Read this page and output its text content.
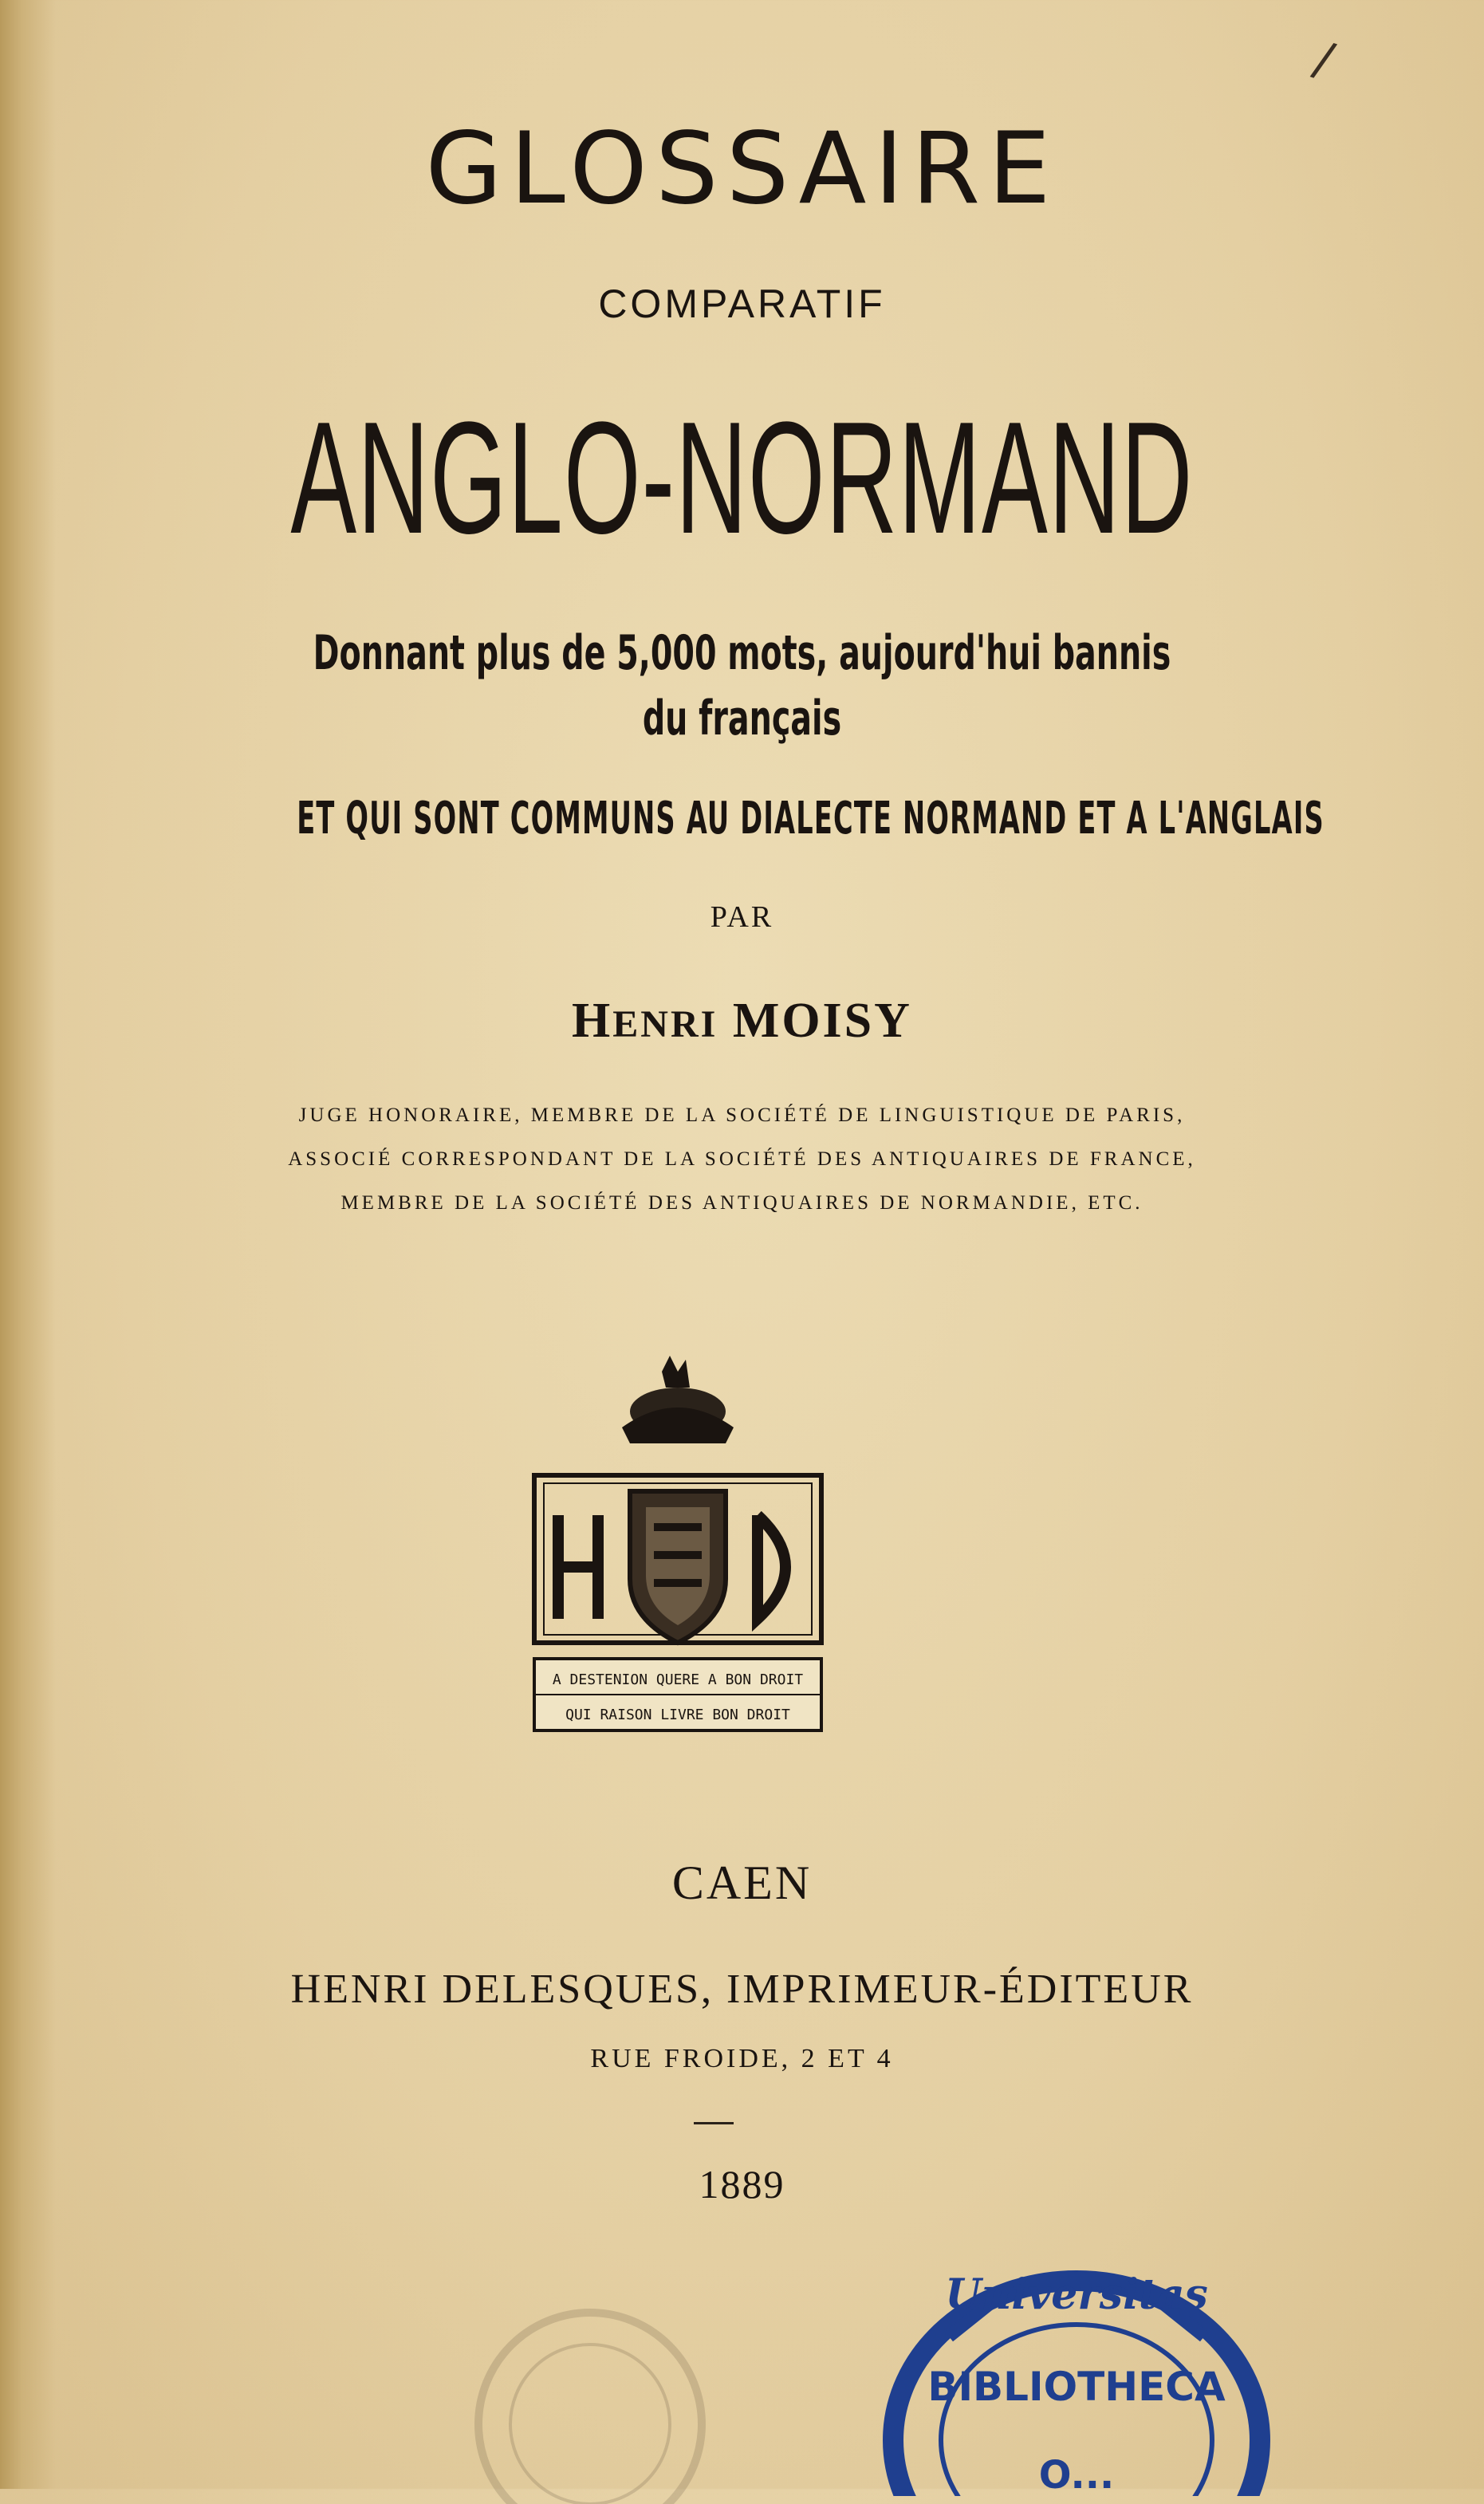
/
GLOSSAIRE
COMPARATIF
ANGLO-NORMAND
Donnant plus de 5,000 mots, aujourd'hui bannis
du français
ET QUI SONT COMMUNS AU DIALECTE NORMAND ET A L'ANGLAIS
PAR
HENRI MOISY
JUGE HONORAIRE, MEMBRE DE LA SOCIÉTÉ DE LINGUISTIQUE DE PARIS,
ASSOCIÉ CORRESPONDANT DE LA SOCIÉTÉ DES ANTIQUAIRES DE FRANCE,
MEMBRE DE LA SOCIÉTÉ DES ANTIQUAIRES DE NORMANDIE, ETC.
A DESTENION QUERE A BON DROIT
QUI RAISON LIVRE BON DROIT
CAEN
HENRI DELESQUES, IMPRIMEUR-ÉDITEUR
RUE FROIDE, 2 ET 4
1889
Universitas
BIBLIOTHECA
O...
